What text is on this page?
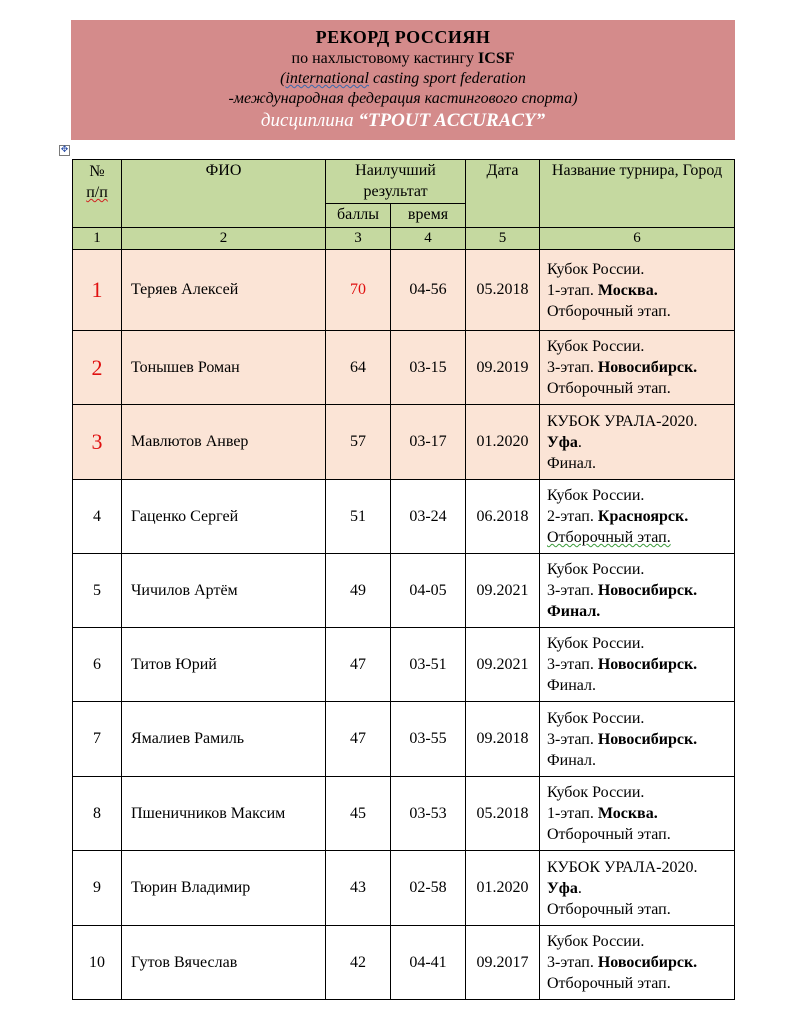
РЕКОРД РОССИЯН
по нахлыстовому кастингу ICSF
(international casting sport federation
-международная федерация кастингового спорта)
дисциплина “TPOUT ACCURACY”
✥
№
п/п	ФИО	Наилучший результат		Дата	Название турнира, Город
		баллы	время		
1	2	3	4	5	6
1	Теряев Алексей	70	04-56	05.2018	Кубок России.
1-этап. Москва.
Отборочный этап.

2	Тонышев Роман	64	03-15	09.2019	Кубок России.
3-этап. Новосибирск.
Отборочный этап.

3	Мавлютов Анвер	57	03-17	01.2020	КУБОК УРАЛА-2020.
Уфа.
Финал.

4	Гаценко Сергей	51	03-24	06.2018	Кубок России.
2-этап. Красноярск.
Отборочный этап.
5	Чичилов Артём	49	04-05	09.2021	Кубок России.
3-этап. Новосибирск.
Финал.

6	Титов Юрий	47	03-51	09.2021	Кубок России.
3-этап. Новосибирск.
Финал.

7	Ямалиев Рамиль	47	03-55	09.2018	Кубок России.
3-этап. Новосибирск.
Финал.

8	Пшеничников Максим	45	03-53	05.2018	Кубок России.
1-этап. Москва.
Отборочный этап.

9	Тюрин Владимир	43	02-58	01.2020	КУБОК УРАЛА-2020.
Уфа.
Отборочный этап.

10	Гутов Вячеслав	42	04-41	09.2017	Кубок России.
3-этап. Новосибирск.
Отборочный этап.
